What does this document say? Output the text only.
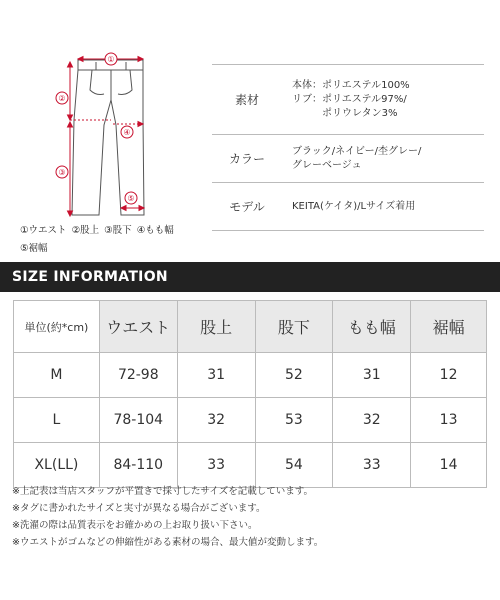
①
②
③
④
⑤
①ウエスト ②股上 ③股下 ④もも幅
⑤裾幅
素材
本体：ポリエステル100%
リブ：ポリエステル97%/
　　　ポリウレタン3%
カラー
ブラック/ネイビー/杢グレー/
グレーベージュ
モデル	KEITA(ケイタ)/Lサイズ着用
SIZE INFORMATION
単位(約*cm)	ウエスト	股上	股下	もも幅	裾幅
M	72-98	31	52	31	12
L	78-104	32	53	32	13
XL(LL)	84-110	33	54	33	14
※上記表は当店スタッフが平置きで採寸したサイズを記載しています。
※タグに書かれたサイズと実寸が異なる場合がございます。
※洗濯の際は品質表示をお確かめの上お取り扱い下さい。
※ウエストがゴムなどの伸縮性がある素材の場合、最大値が変動します。
